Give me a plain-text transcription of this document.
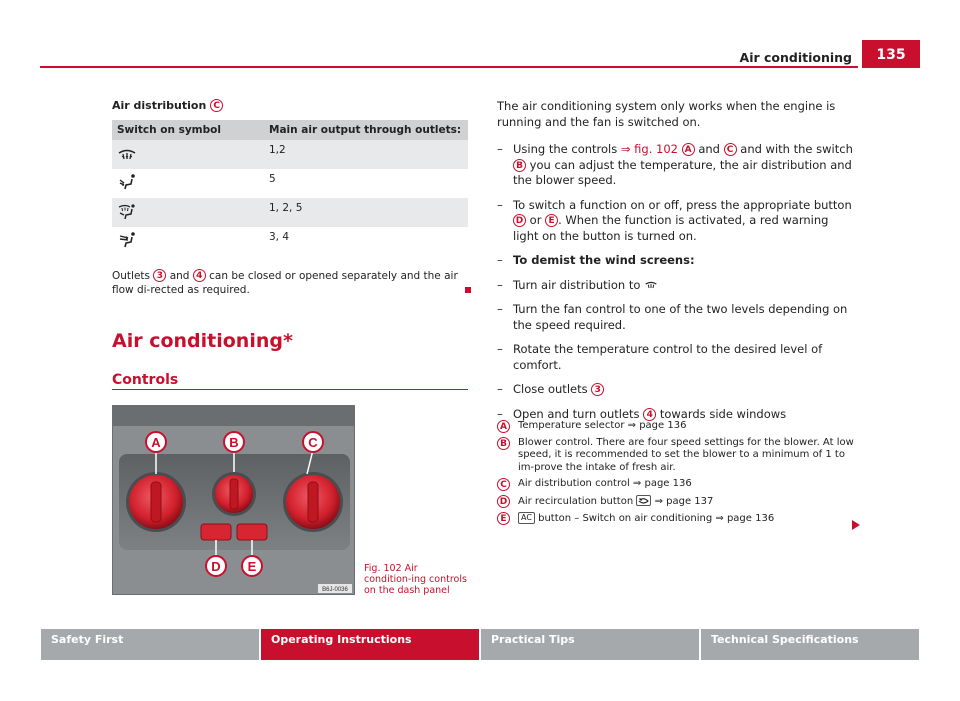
Air conditioning	135
Air distribution C
Switch on symbol	Main air output through outlets:
	1,2
	5
	1, 2, 5
	3, 4
Outlets 3 and 4 can be closed or opened separately and the air flow di-rected as required.
Air conditioning*
Controls
A	B	C
D E
B6J-0036
Fig. 102 Air condition-ing controls on the dash panel
The air conditioning system only works when the engine is running and the fan is switched on.
– Using the controls ⇒ fig. 102 A and C and with the switch B you can adjust the temperature, the air distribution and the blower speed.
– To switch a function on or off, press the appropriate button D or E . When the function is activated, a red warning light on the button is turned on.
– To demist the wind screens:
– Turn air distribution to
– Turn the fan control to one of the two levels depending on the speed required.
– Rotate the temperature control to the desired level of comfort.
– Close outlets 3
– Open and turn outlets 4 towards side windows
A	Temperature selector ⇒ page 136
B	Blower control. There are four speed settings for the blower. At low speed, it is recommended to set the blower to a minimum of 1 to im-prove the intake of fresh air.
C	Air distribution control ⇒ page 136
D Air recirculation button ⇒ page 137
E	AC button – Switch on air conditioning ⇒ page 136
Safety First	Operating Instructions	Practical Tips	Technical Specifications
